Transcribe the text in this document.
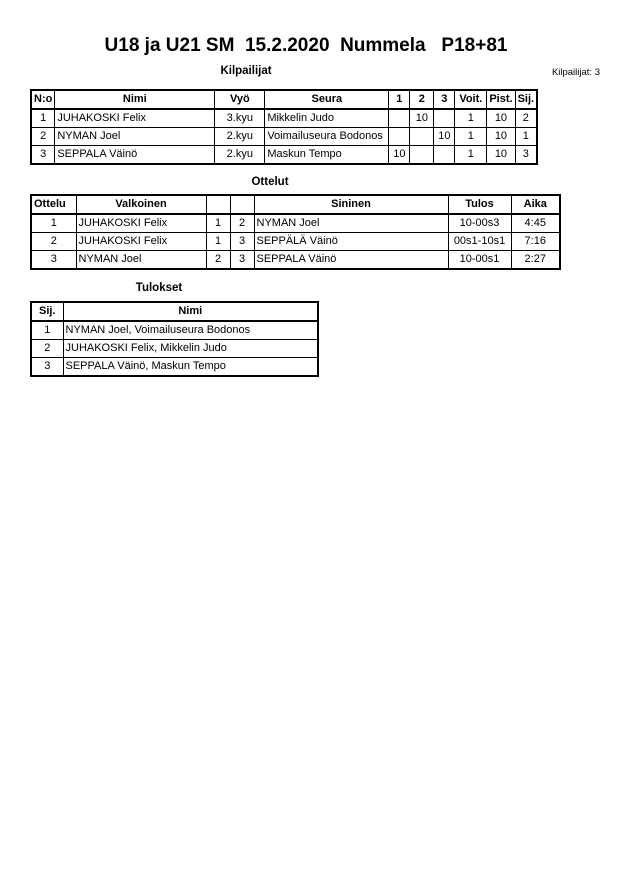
U18 ja U21 SM  15.2.2020  Nummela   P18+81
Kilpailijat	Kilpailijat: 3
N:o	Nimi	Vyö	Seura	1	2	3	Voit.	Pist.	Sij.
1	JUHAKOSKI Felix	3.kyu	Mikkelin Judo		10		1	10	2
2	NYMAN Joel	2.kyu	Voimailuseura Bodonos			10	1	10	1
3	SEPPALA Väinö	2.kyu	Maskun Tempo	10			1	10	3
Ottelut
Ottelu	Valkoinen			Sininen	Tulos	Aika
1	JUHAKOSKI Felix	1	2	NYMAN Joel	10-00s3	4:45
2	JUHAKOSKI Felix	1	3	SEPPÄLÄ Väinö	00s1-10s1	7:16
3	NYMAN Joel	2	3	SEPPALA Väinö	10-00s1	2:27
Tulokset
Sij.	Nimi
1	NYMAN Joel, Voimailuseura Bodonos
2	JUHAKOSKI Felix, Mikkelin Judo
3	SEPPALA Väinö, Maskun Tempo
